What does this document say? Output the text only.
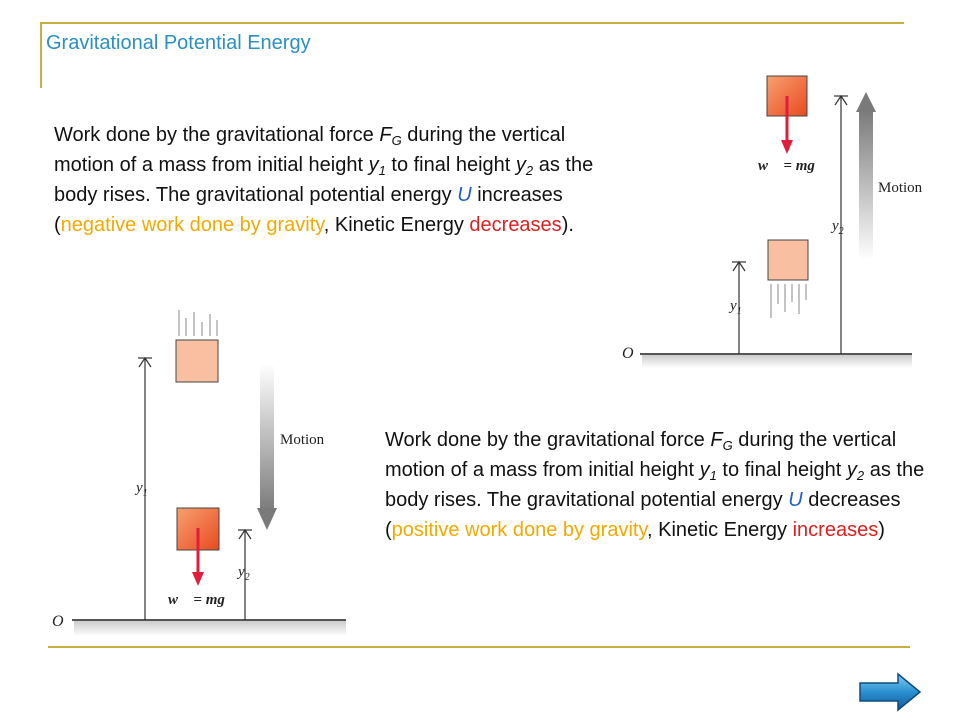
Gravitational Potential Energy
Work done by the gravitational force $F_G$ during the vertical motion of a mass from initial height $y_1$ to final height $y_2$ as the body rises. The gravitational potential energy U increases (negative work done by gravity, Kinetic Energy decreases).
Work done by the gravitational force $F_G$ during the vertical motion of a mass from initial height $y_1$ to final height $y_2$ as the body rises. The gravitational potential energy U decreases (positive work done by gravity, Kinetic Energy increases)
O
$y_1$
$y_2$
Motion
w⃗ = mg⃗
O
$y_1$
Motion
w⃗ = mg⃗
$y_2$
